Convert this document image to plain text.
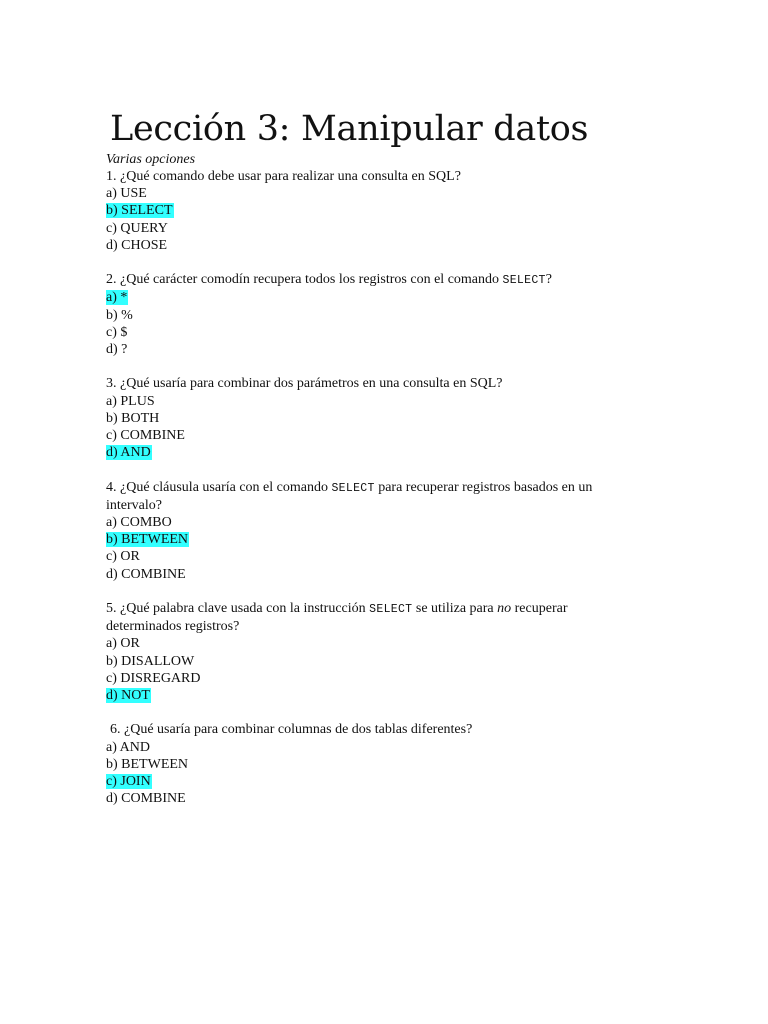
Lección 3: Manipular datos

Varias opciones

1. ¿Qué comando debe usar para realizar una consulta en SQL?

a) USE
b) SELECT
c) QUERY
d) CHOSE

2. ¿Qué carácter comodín recupera todos los registros con el comando SELECT?

a) *
b) %
c) $
d) ?

3. ¿Qué usaría para combinar dos parámetros en una consulta en SQL?

a) PLUS
b) BOTH
c) COMBINE
d) AND

4. ¿Qué cláusula usaría con el comando SELECT para recuperar registros basados en un intervalo?

a) COMBO
b) BETWEEN
c) OR
d) COMBINE

5. ¿Qué palabra clave usada con la instrucción SELECT se utiliza para no recuperar determinados registros?

a) OR
b) DISALLOW
c) DISREGARD
d) NOT

6. ¿Qué usaría para combinar columnas de dos tablas diferentes?

a) AND
b) BETWEEN
c) JOIN
d) COMBINE
